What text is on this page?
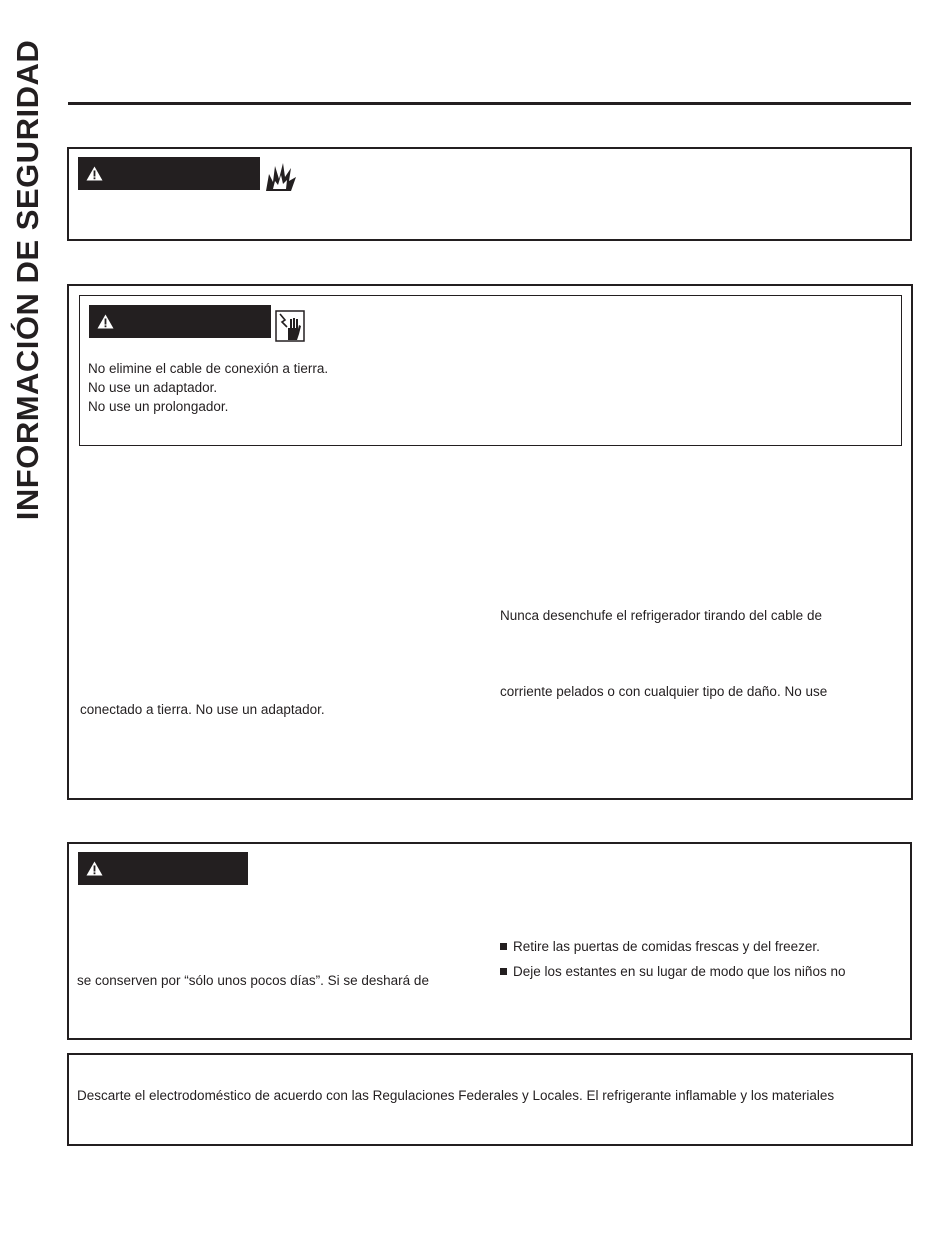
INFORMACIÓN DE SEGURIDAD	No elimine el cable de conexión a tierra.
No use un adaptador.
No use un prolongador.
Nunca desenchufe el refrigerador tirando del cable de
corriente pelados o con cualquier tipo de daño. No use
conectado a tierra. No use un adaptador.
Retire las puertas de comidas frescas y del freezer.
Deje los estantes en su lugar de modo que los niños no
se conserven por “sólo unos pocos días”. Si se deshará de
Descarte el electrodoméstico de acuerdo con las Regulaciones Federales y Locales. El refrigerante inflamable y los materiales
